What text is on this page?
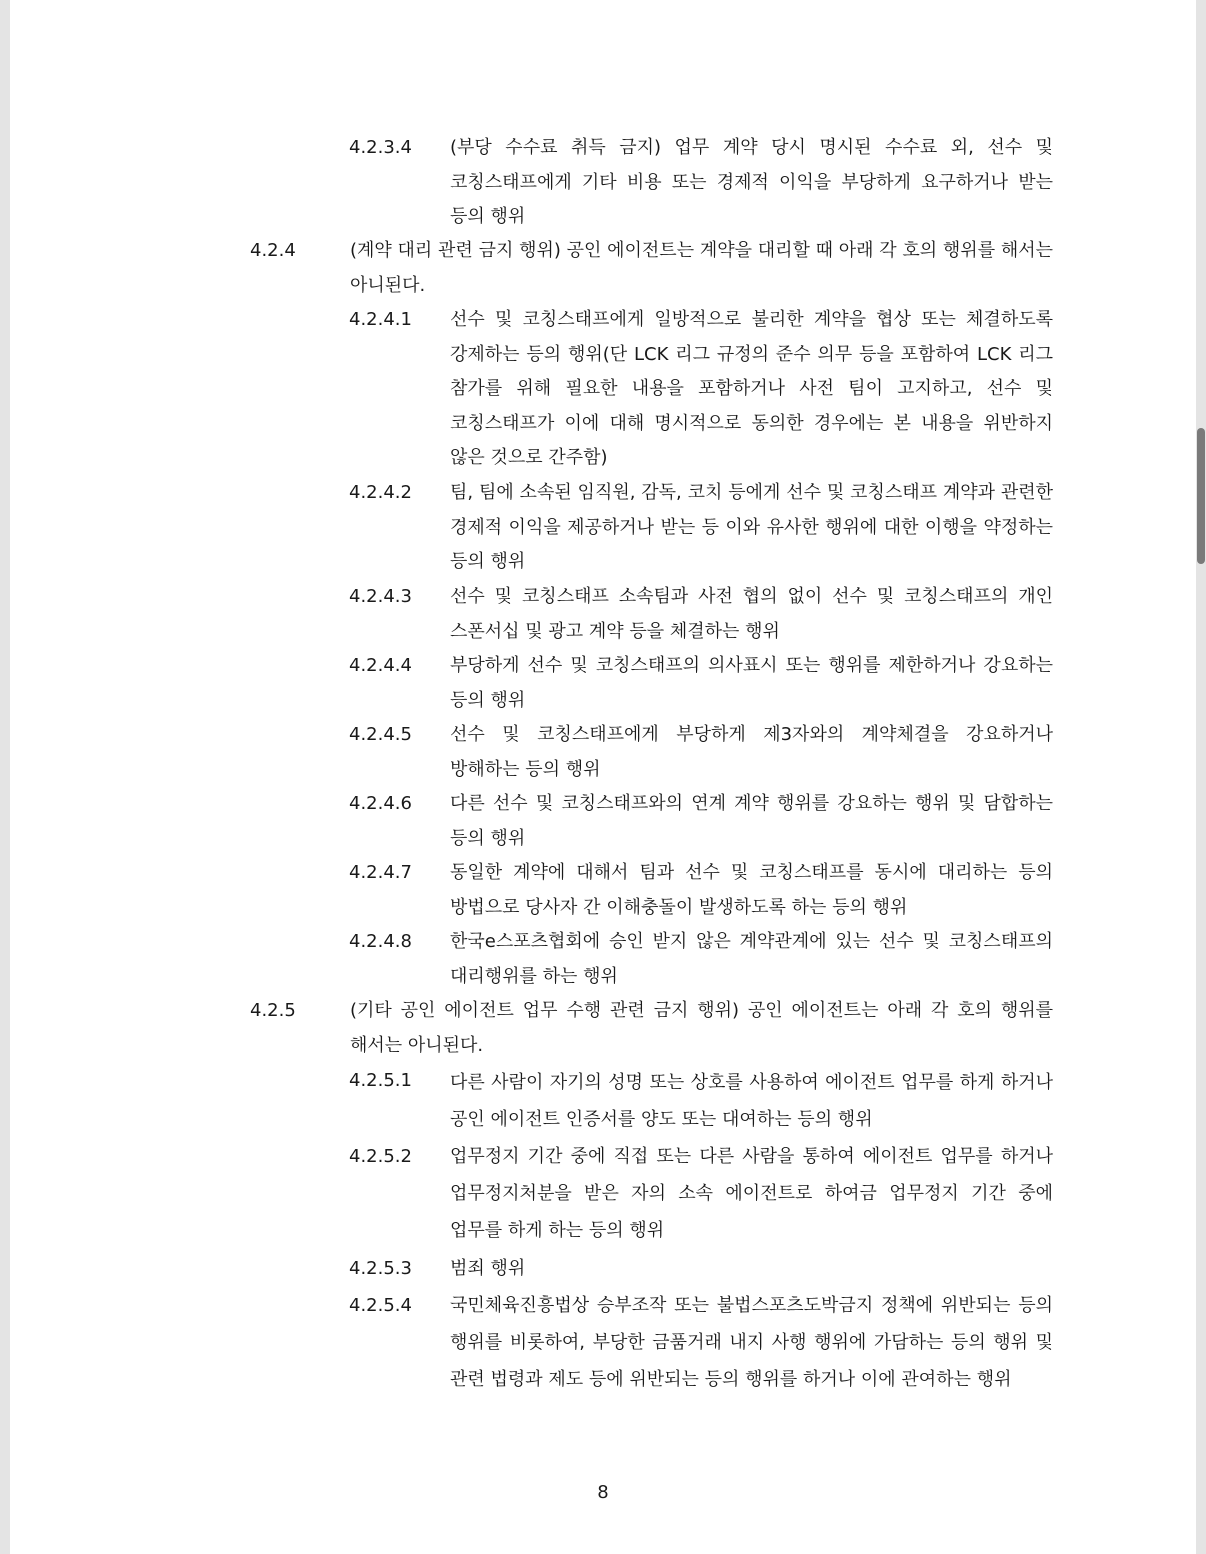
4.2.3.4 (부당 수수료 취득 금지) 업무 계약 당시 명시된 수수료 외, 선수 및 코칭스태프에게 기타 비용 또는 경제적 이익을 부당하게 요구하거나 받는 등의 행위
4.2.4	(계약 대리 관련 금지 행위) 공인 에이전트는 계약을 대리할 때 아래 각 호의 행위를 해서는 아니된다.
4.2.4.1 선수 및 코칭스태프에게 일방적으로 불리한 계약을 협상 또는 체결하도록 강제하는 등의 행위(단 LCK 리그 규정의 준수 의무 등을 포함하여 LCK 리그 참가를 위해 필요한 내용을 포함하거나 사전 팀이 고지하고, 선수 및 코칭스태프가 이에 대해 명시적으로 동의한 경우에는 본 내용을 위반하지 않은 것으로 간주함)
4.2.4.2 팀, 팀에 소속된 임직원, 감독, 코치 등에게 선수 및 코칭스태프 계약과 관련한 경제적 이익을 제공하거나 받는 등 이와 유사한 행위에 대한 이행을 약정하는 등의 행위
4.2.4.3 선수 및 코칭스태프 소속팀과 사전 협의 없이 선수 및 코칭스태프의 개인 스폰서십 및 광고 계약 등을 체결하는 행위
4.2.4.4 부당하게 선수 및 코칭스태프의 의사표시 또는 행위를 제한하거나 강요하는 등의 행위
4.2.4.5 선수 및 코칭스태프에게 부당하게 제3자와의 계약체결을 강요하거나 방해하는 등의 행위
4.2.4.6 다른 선수 및 코칭스태프와의 연계 계약 행위를 강요하는 행위 및 담합하는 등의 행위
4.2.4.7 동일한 계약에 대해서 팀과 선수 및 코칭스태프를 동시에 대리하는 등의 방법으로 당사자 간 이해충돌이 발생하도록 하는 등의 행위
4.2.4.8 한국e스포츠협회에 승인 받지 않은 계약관계에 있는 선수 및 코칭스태프의 대리행위를 하는 행위
4.2.5	(기타 공인 에이전트 업무 수행 관련 금지 행위) 공인 에이전트는 아래 각 호의 행위를 해서는 아니된다.
4.2.5.1 다른 사람이 자기의 성명 또는 상호를 사용하여 에이전트 업무를 하게 하거나 공인 에이전트 인증서를 양도 또는 대여하는 등의 행위
4.2.5.2 업무정지 기간 중에 직접 또는 다른 사람을 통하여 에이전트 업무를 하거나 업무정지처분을 받은 자의 소속 에이전트로 하여금 업무정지 기간 중에 업무를 하게 하는 등의 행위
4.2.5.3 범죄 행위
4.2.5.4 국민체육진흥법상 승부조작 또는 불법스포츠도박금지 정책에 위반되는 등의 행위를 비롯하여, 부당한 금품거래 내지 사행 행위에 가담하는 등의 행위 및 관련 법령과 제도 등에 위반되는 등의 행위를 하거나 이에 관여하는 행위
8
